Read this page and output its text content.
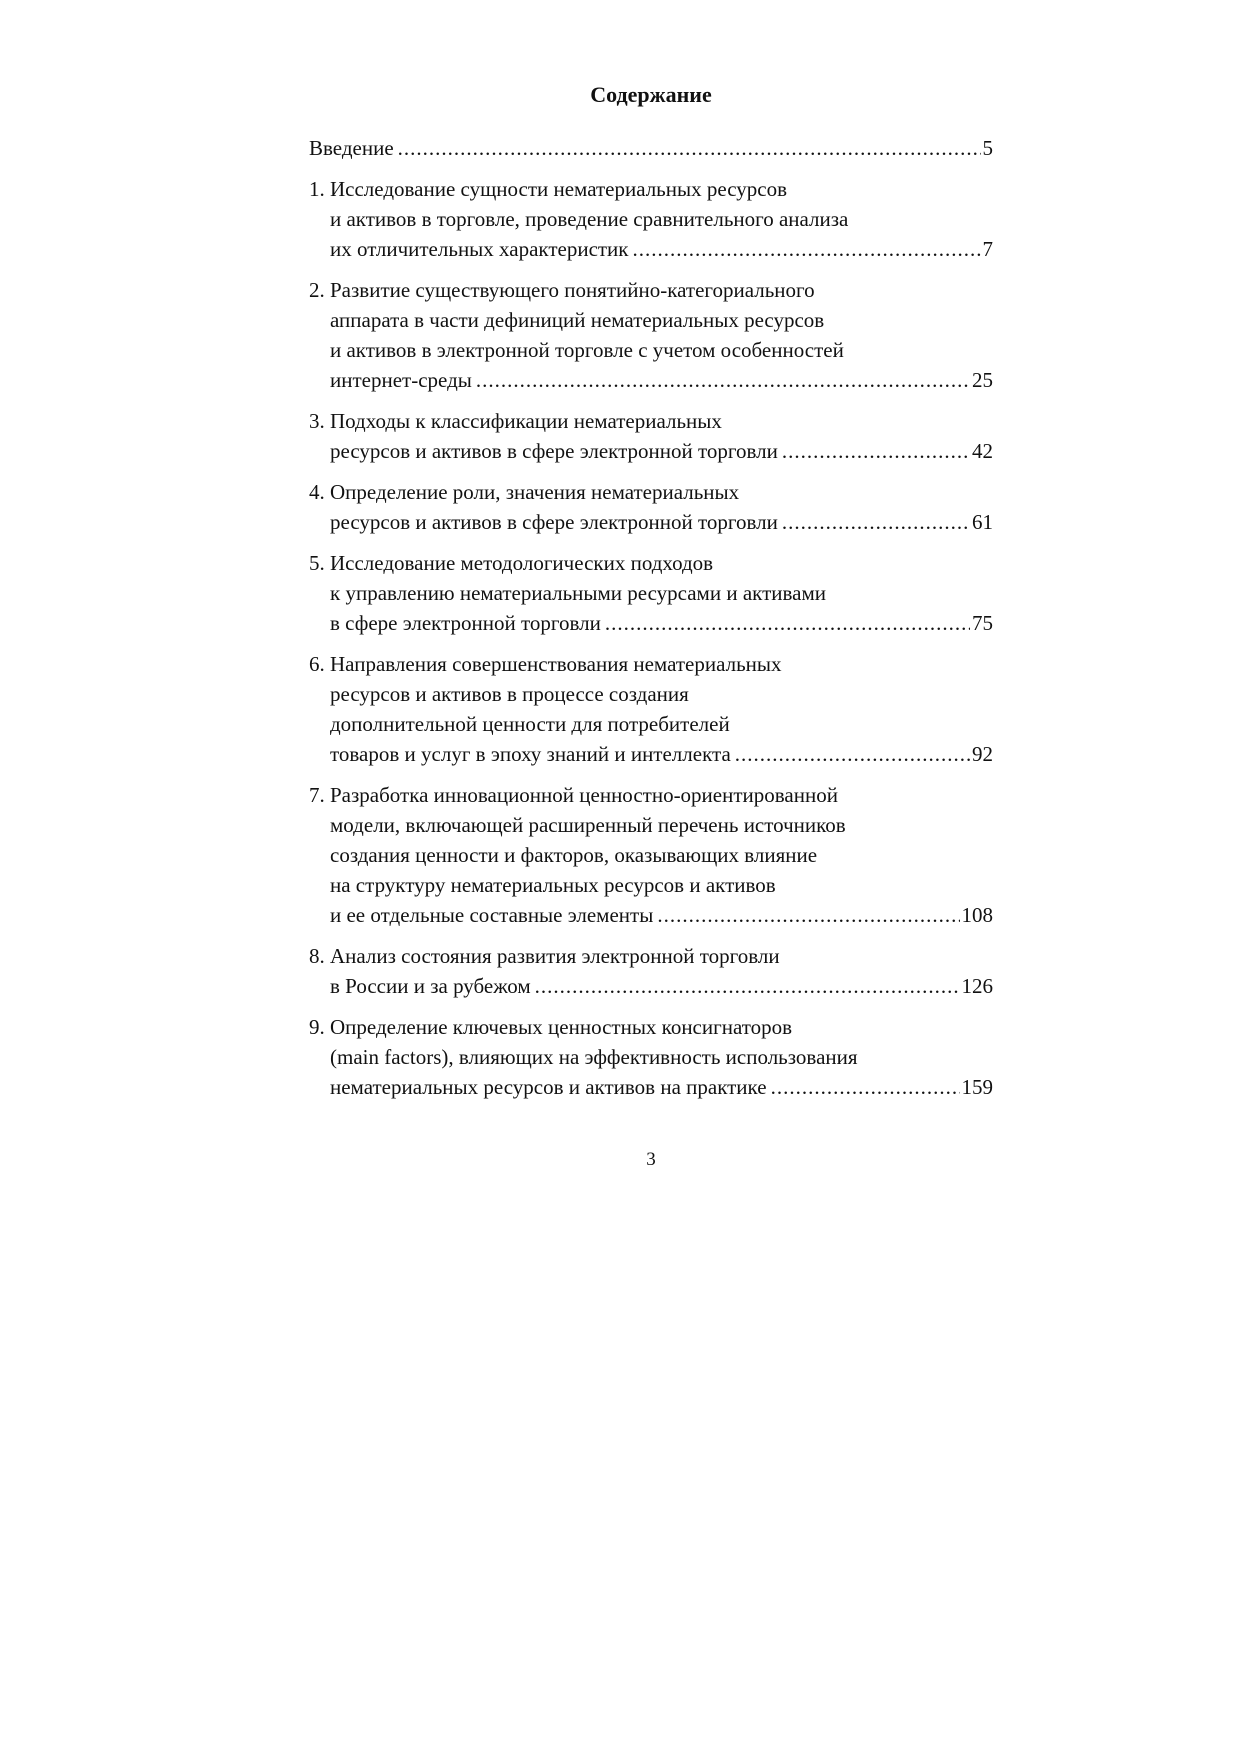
Содержание
Введение .....	5
1. Исследование сущности нематериальных ресурсов
и активов в торговле, проведение сравнительного анализа
их отличительных характеристик .....	7
2. Развитие существующего понятийно-категориального
аппарата в части дефиниций нематериальных ресурсов
и активов в электронной торговле с учетом особенностей
интернет-среды .....	25
3. Подходы к классификации нематериальных
ресурсов и активов в сфере электронной торговли .....	42
4. Определение роли, значения нематериальных
ресурсов и активов в сфере электронной торговли .....	61
5. Исследование методологических подходов
к управлению нематериальными ресурсами и активами
в сфере электронной торговли .....	75
6. Направления совершенствования нематериальных
ресурсов и активов в процессе создания
дополнительной ценности для потребителей
товаров и услуг в эпоху знаний и интеллекта .....	92
7. Разработка инновационной ценностно-ориентированной
модели, включающей расширенный перечень источников
создания ценности и факторов, оказывающих влияние
на структуру нематериальных ресурсов и активов
и ее отдельные составные элементы .....	108
8. Анализ состояния развития электронной торговли
в России и за рубежом .....	126
9. Определение ключевых ценностных консигнаторов
(main factors), влияющих на эффективность использования
нематериальных ресурсов и активов на практике .....	159
3
